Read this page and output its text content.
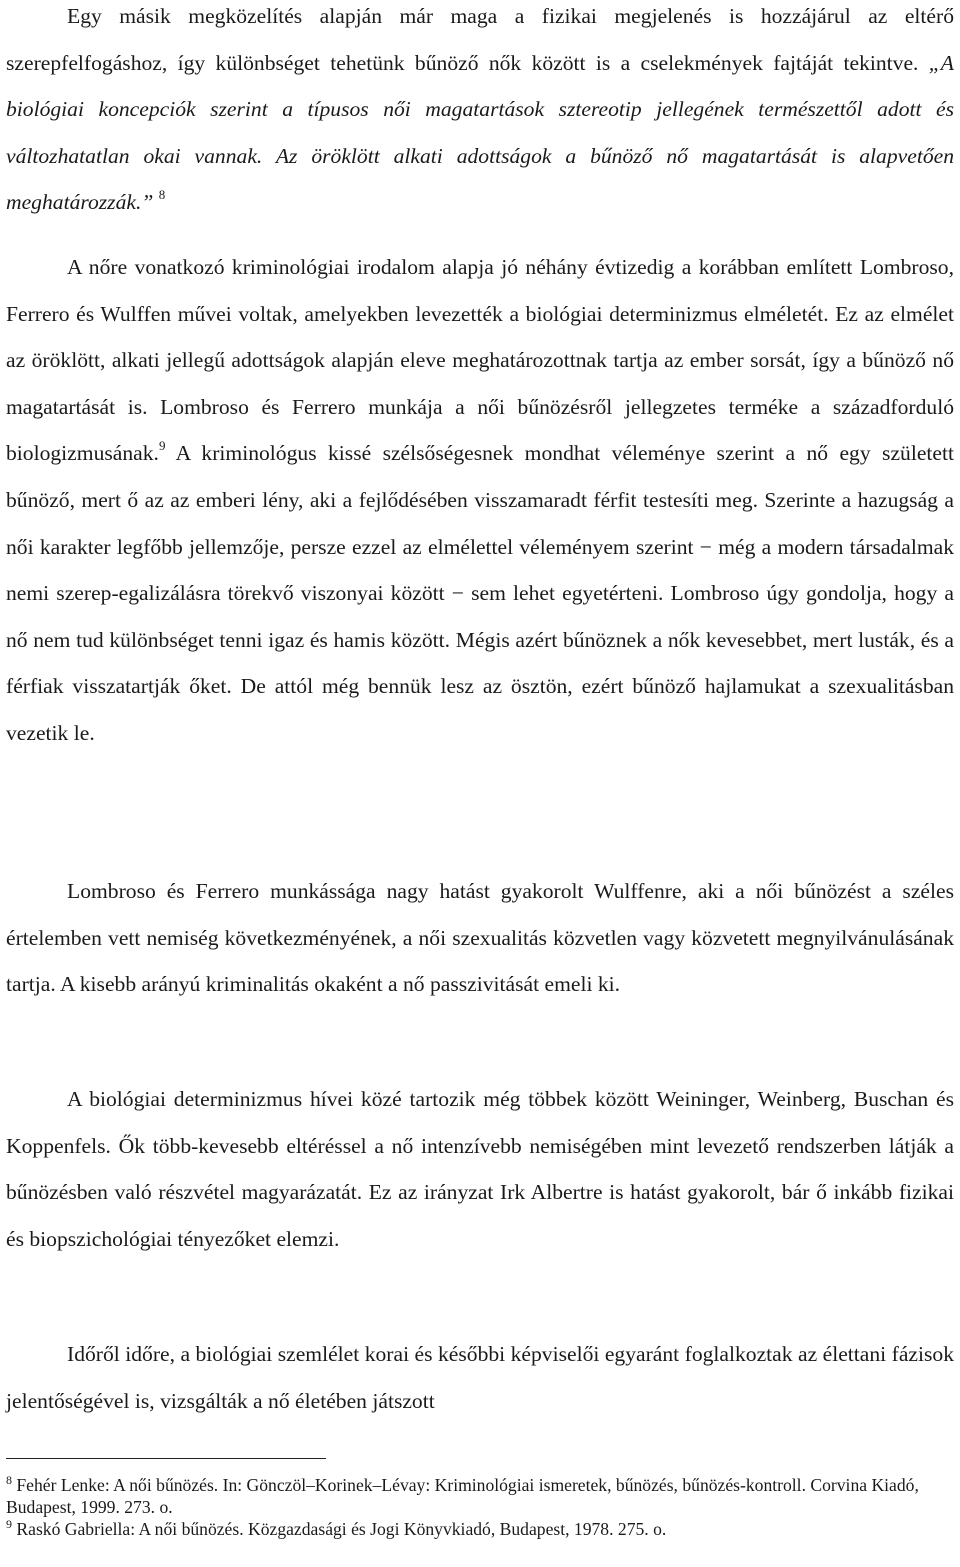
Egy másik megközelítés alapján már maga a fizikai megjelenés is hozzájárul az eltérő szerepfelfogáshoz, így különbséget tehetünk bűnöző nők között is a cselekmények fajtáját tekintve. „A biológiai koncepciók szerint a típusos női magatartások sztereotip jellegének természettől adott és változhatatlan okai vannak. Az öröklött alkati adottságok a bűnöző nő magatartását is alapvetően meghatározzák.” $^8$

A nőre vonatkozó kriminológiai irodalom alapja jó néhány évtizedig a korábban említett Lombroso, Ferrero és Wulffen művei voltak, amelyekben levezették a biológiai determinizmus elméletét. Ez az elmélet az öröklött, alkati jellegű adottságok alapján eleve meghatározottnak tartja az ember sorsát, így a bűnöző nő magatartását is. Lombroso és Ferrero munkája a női bűnözésről jellegzetes terméke a századforduló biologizmusának.$^9$ A kriminológus kissé szélsőségesnek mondhat véleménye szerint a nő egy született bűnöző, mert ő az az emberi lény, aki a fejlődésében visszamaradt férfit testesíti meg. Szerinte a hazugság a női karakter legfőbb jellemzője, persze ezzel az elmélettel véleményem szerint − még a modern társadalmak nemi szerep-egalizálásra törekvő viszonyai között − sem lehet egyetérteni. Lombroso úgy gondolja, hogy a nő nem tud különbséget tenni igaz és hamis között. Mégis azért bűnöznek a nők kevesebbet, mert lusták, és a férfiak visszatartják őket. De attól még bennük lesz az ösztön, ezért bűnöző hajlamukat a szexualitásban vezetik le.

Lombroso és Ferrero munkássága nagy hatást gyakorolt Wulffenre, aki a női bűnözést a széles értelemben vett nemiség következményének, a női szexualitás közvetlen vagy közvetett megnyilvánulásának tartja. A kisebb arányú kriminalitás okaként a nő passzivitását emeli ki.

A biológiai determinizmus hívei közé tartozik még többek között Weininger, Weinberg, Buschan és Koppenfels. Ők több-kevesebb eltéréssel a nő intenzívebb nemiségében mint levezető rendszerben látják a bűnözésben való részvétel magyarázatát. Ez az irányzat Irk Albertre is hatást gyakorolt, bár ő inkább fizikai és biopszichológiai tényezőket elemzi.

Időről időre, a biológiai szemlélet korai és későbbi képviselői egyaránt foglalkoztak az élettani fázisok jelentőségével is, vizsgálták a nő életében játszott

$^8$ Fehér Lenke: A női bűnözés. In: Gönczöl–Korinek–Lévay: Kriminológiai ismeretek, bűnözés, bűnözés-kontroll. Corvina Kiadó, Budapest, 1999. 273. o.

$^9$ Raskó Gabriella: A női bűnözés. Közgazdasági és Jogi Könyvkiadó, Budapest, 1978. 275. o.
